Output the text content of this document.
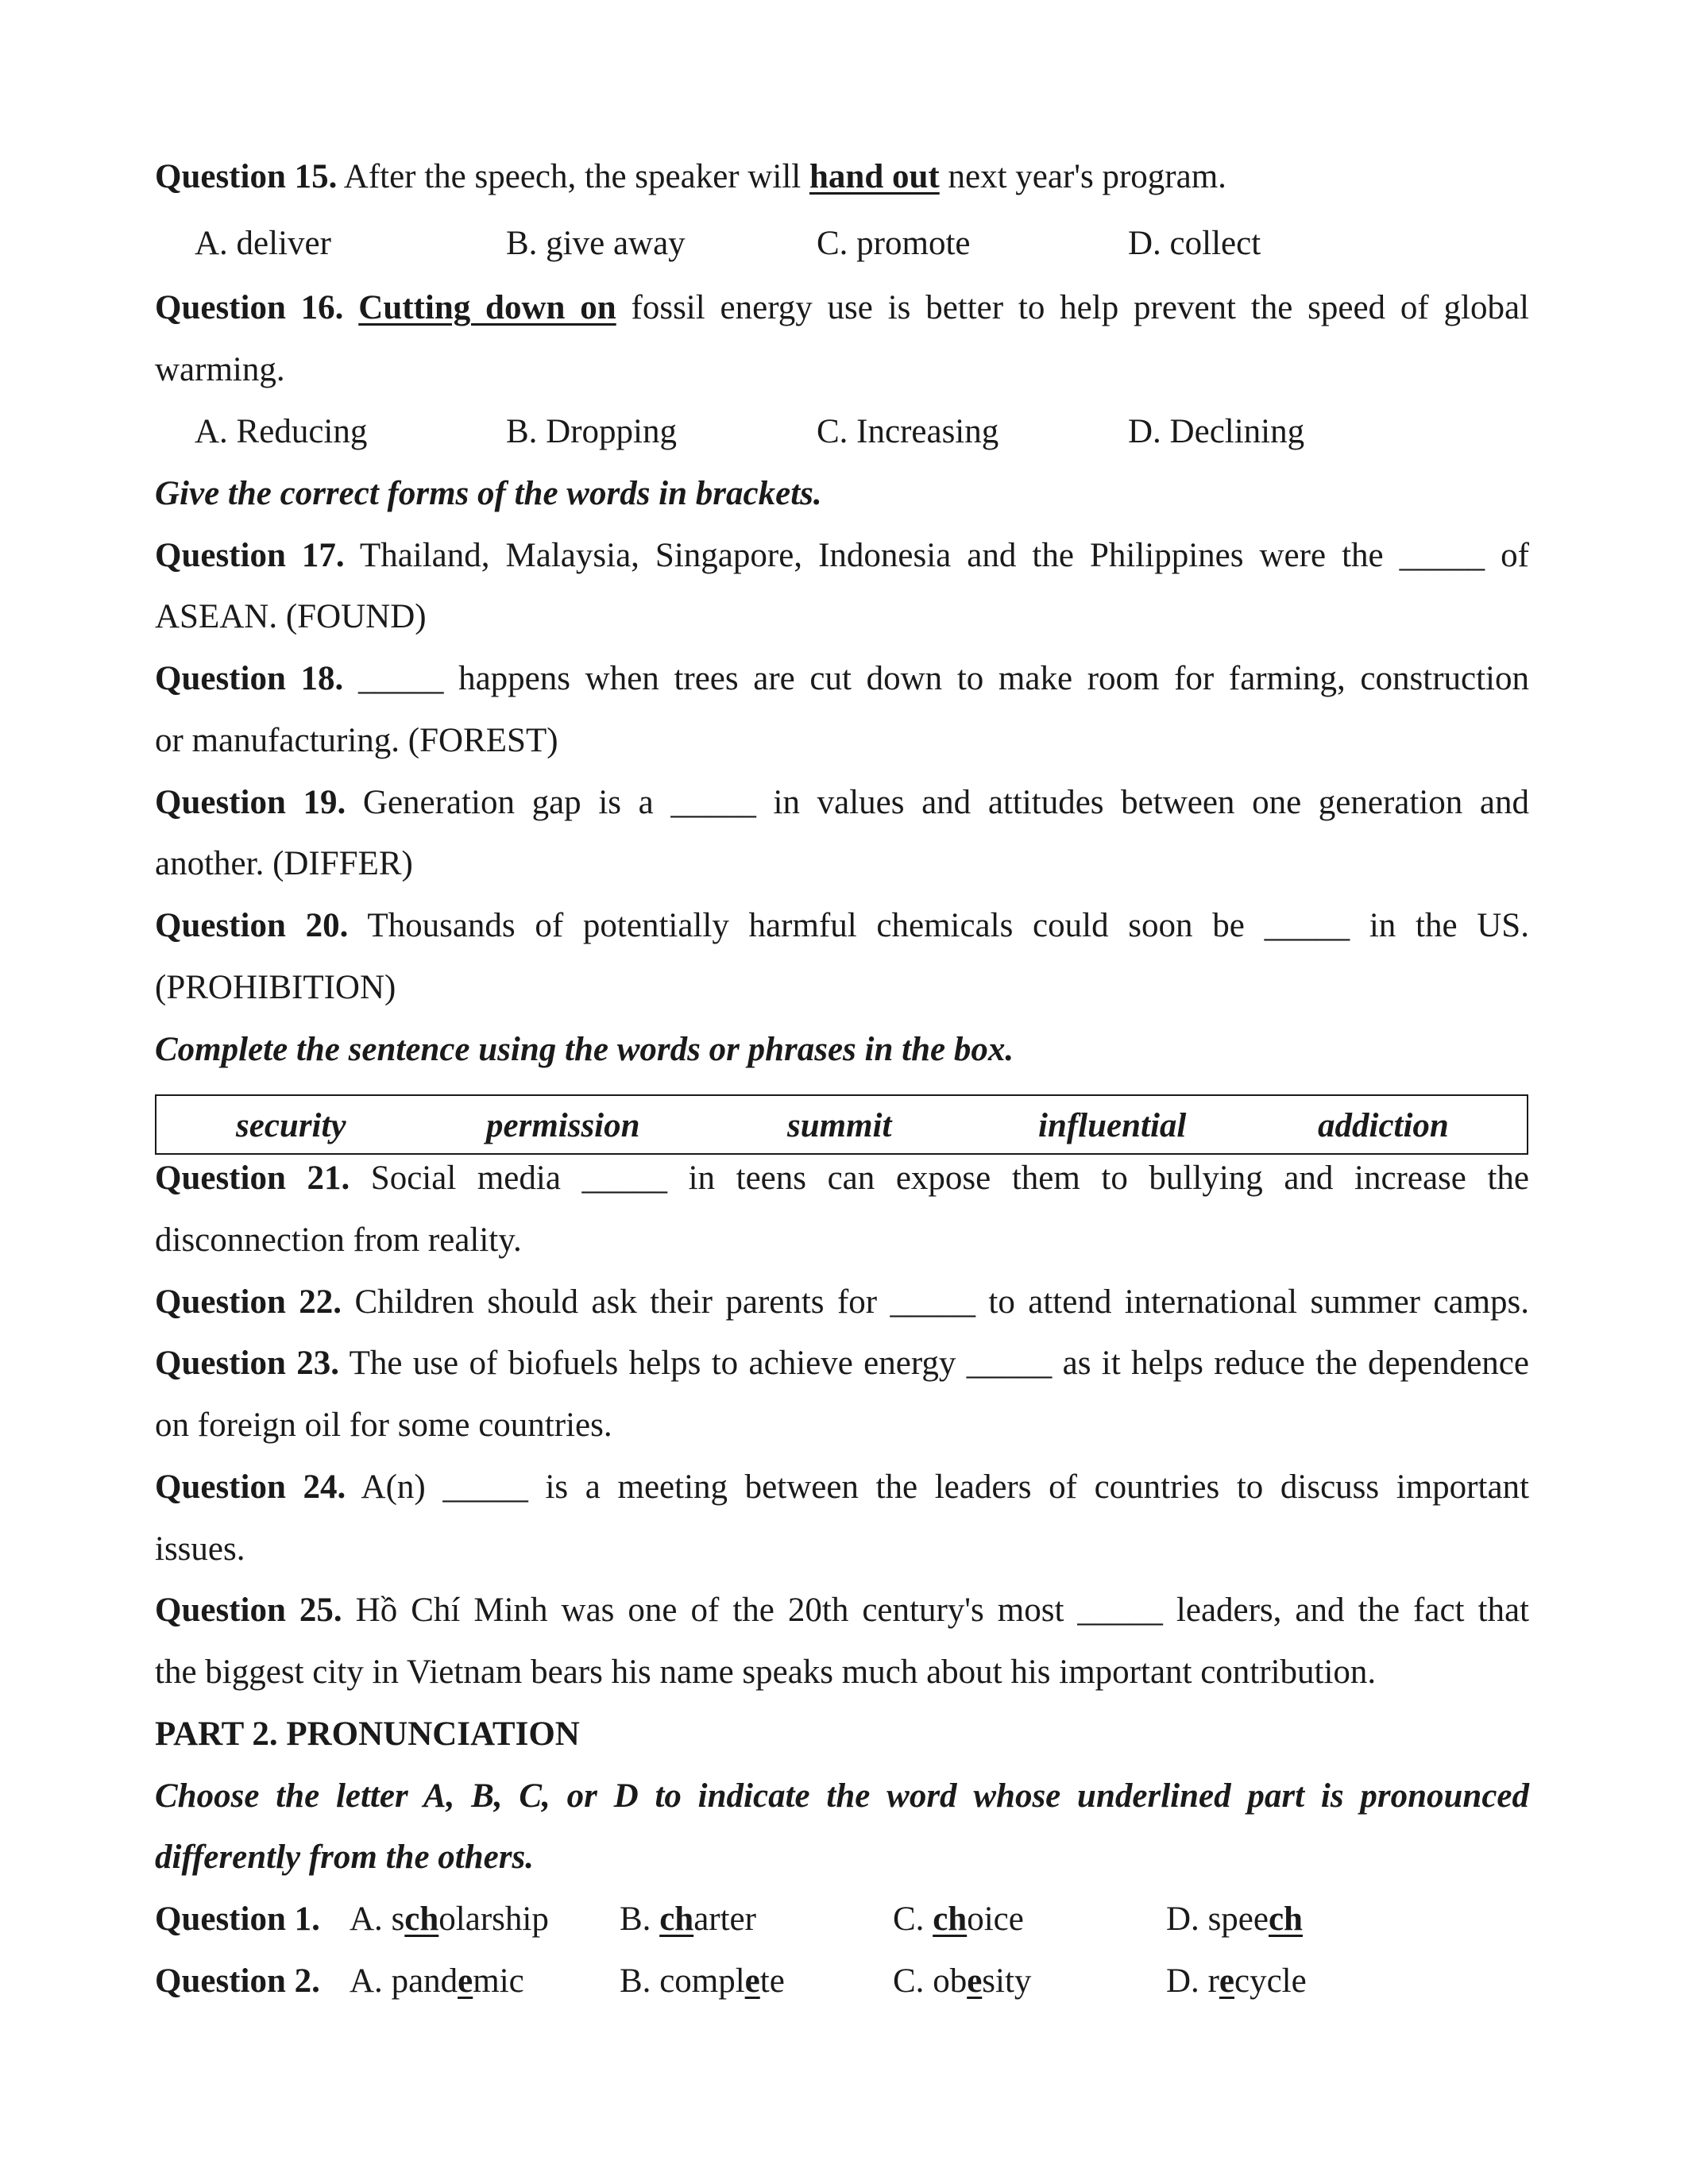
Question 15. After the speech, the speaker will hand out next year's program.
A. deliver	B. give away	C. promote	D. collect
Question 16. Cutting down on fossil energy use is better to help prevent the speed of global
warming.
A. Reducing	B. Dropping	C. Increasing	D. Declining
Give the correct forms of the words in brackets.
Question 17. Thailand, Malaysia, Singapore, Indonesia and the Philippines were the _____ of
ASEAN. (FOUND)
Question 18. _____ happens when trees are cut down to make room for farming, construction
or manufacturing. (FOREST)
Question 19. Generation gap is a _____ in values and attitudes between one generation and
another. (DIFFER)
Question 20. Thousands of potentially harmful chemicals could soon be _____ in the US.
(PROHIBITION)
Complete the sentence using the words or phrases in the box.
security	permission	summit	influential	addiction
Question 21. Social media _____ in teens can expose them to bullying and increase the
disconnection from reality.
Question 22. Children should ask their parents for _____ to attend international summer camps.
Question 23. The use of biofuels helps to achieve energy _____ as it helps reduce the dependence
on foreign oil for some countries.
Question 24. A(n) _____ is a meeting between the leaders of countries to discuss important
issues.
Question 25. Hồ Chí Minh was one of the 20th century's most _____ leaders, and the fact that
the biggest city in Vietnam bears his name speaks much about his important contribution.
PART 2. PRONUNCIATION
Choose the letter A, B, C, or D to indicate the word whose underlined part is pronounced
differently from the others.
Question 1. A. scholarship B. charter	C. choice	D. speech
Question 2. A. pandemic	B. complete	C. obesity	D. recycle
